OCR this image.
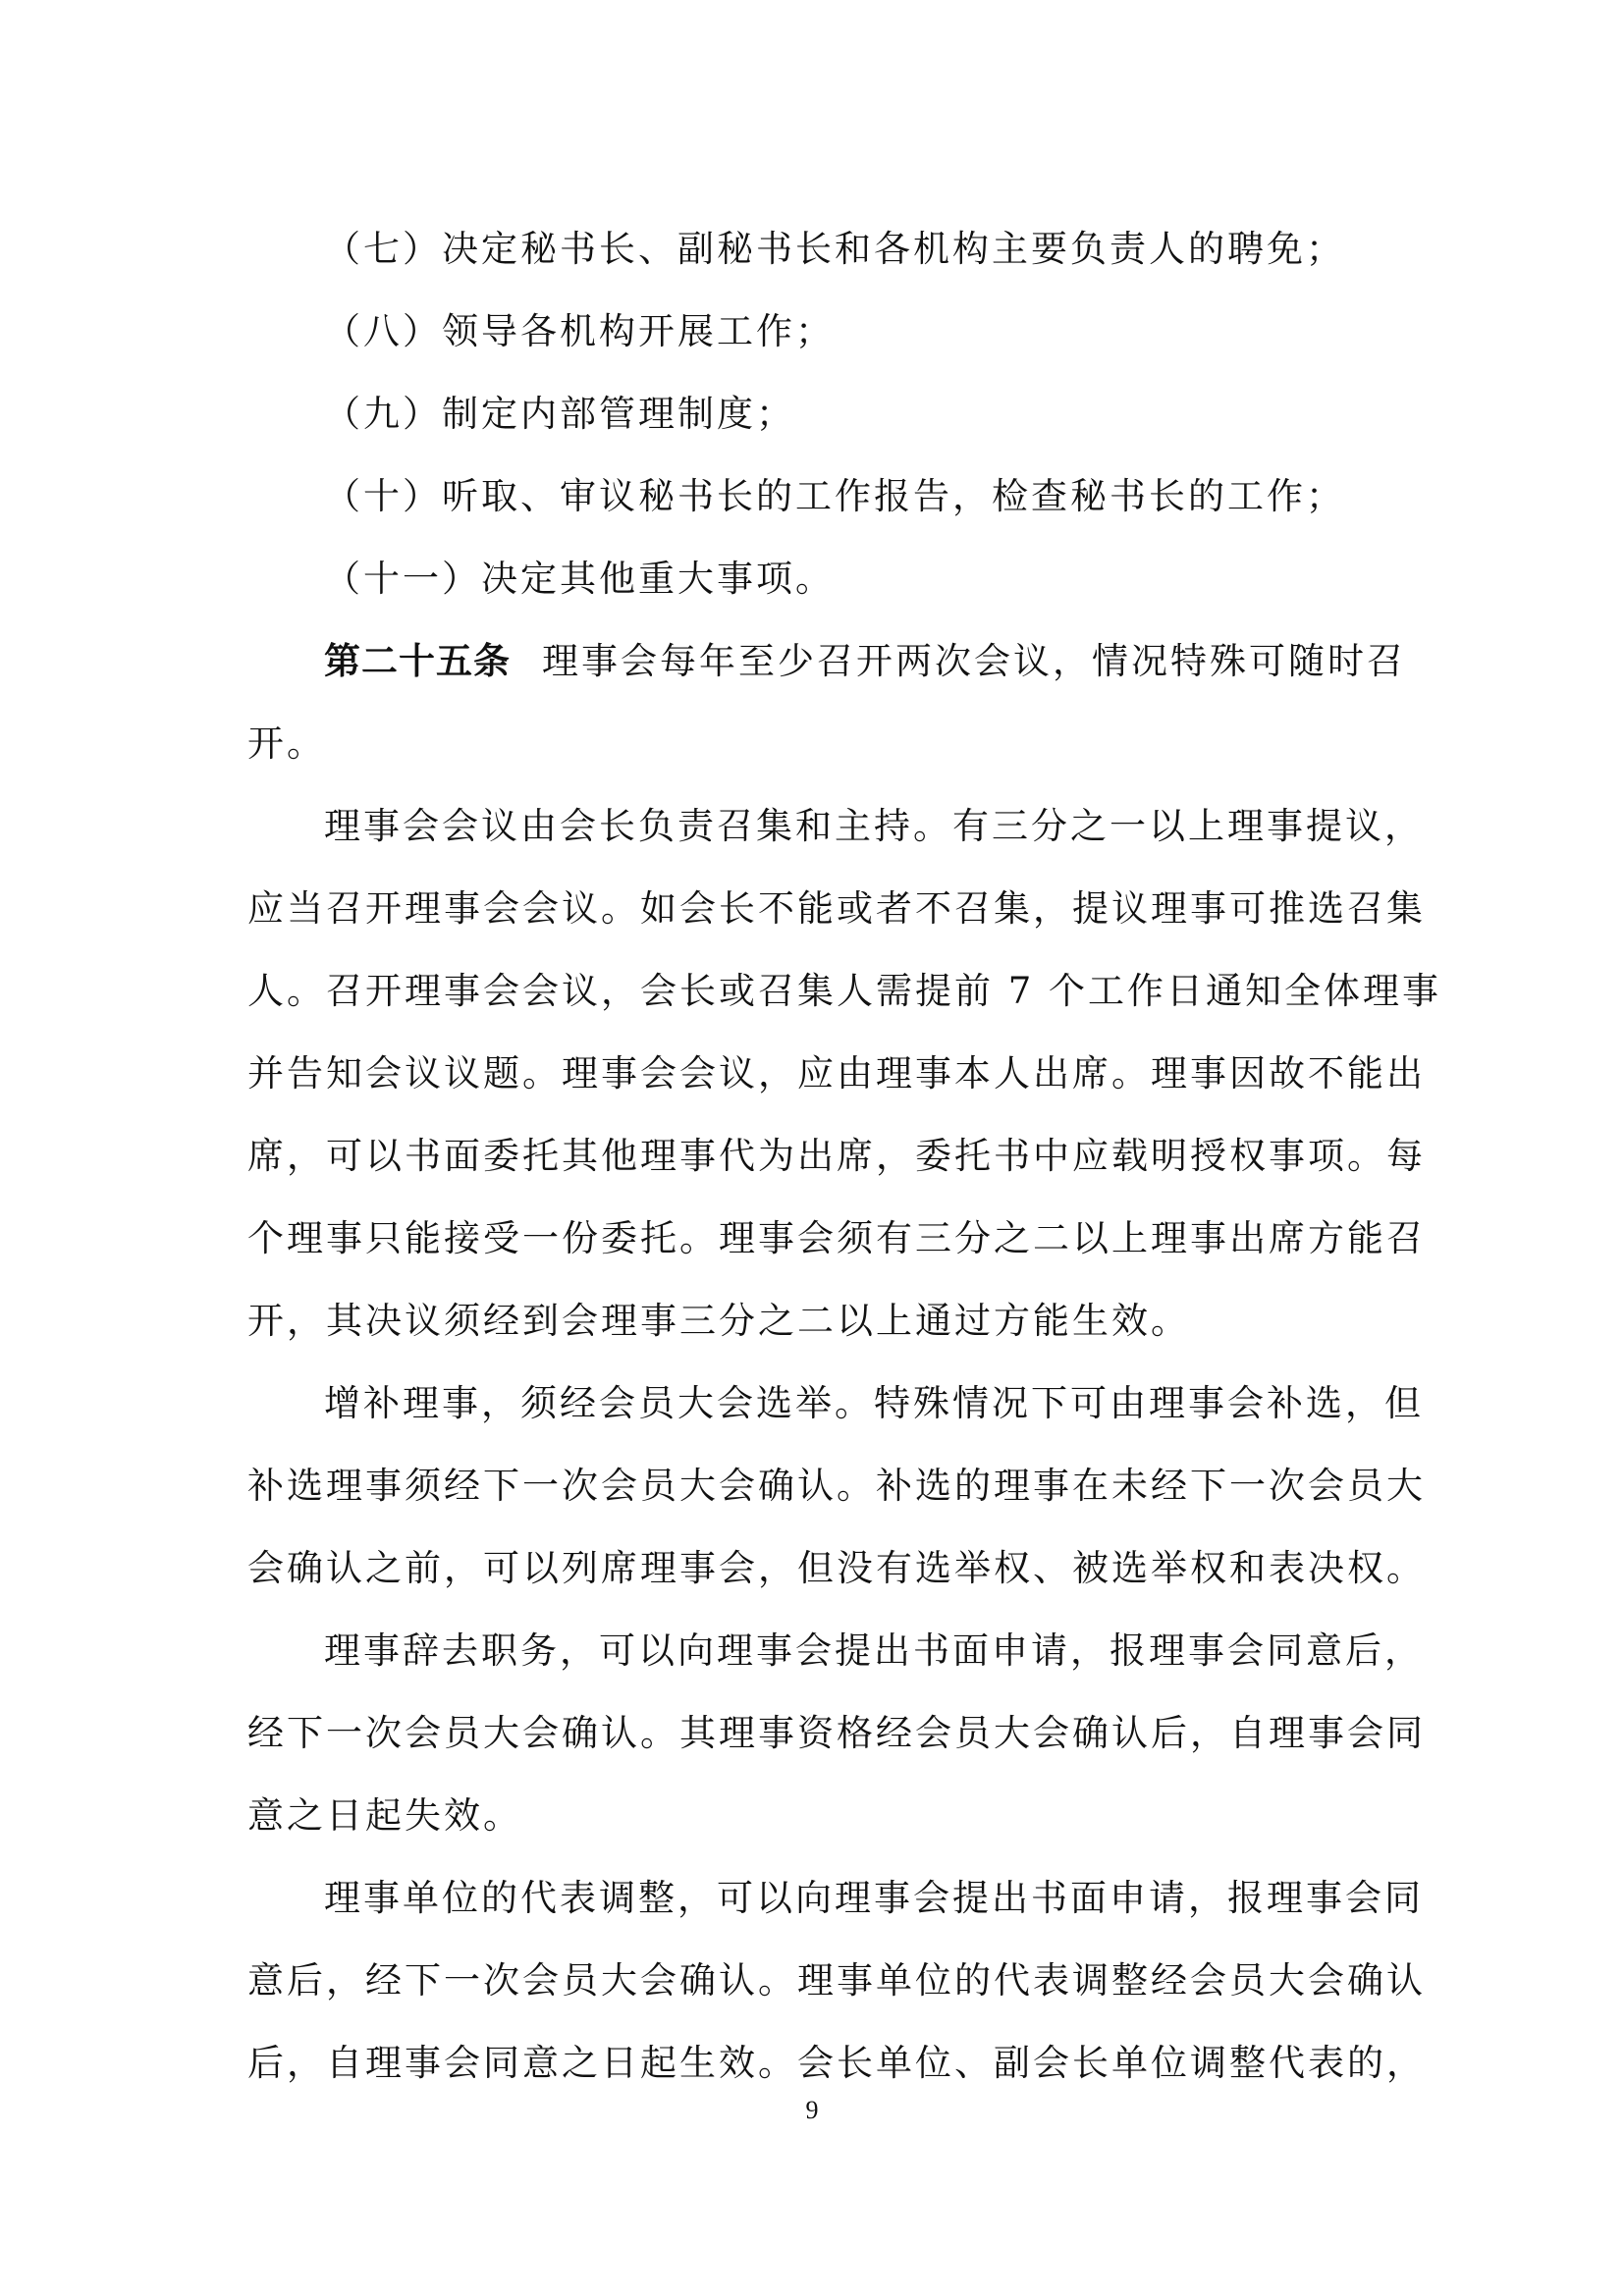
（七）决定秘书长、副秘书长和各机构主要负责人的聘免；
（八）领导各机构开展工作；
（九）制定内部管理制度；
（十）听取、审议秘书长的工作报告，检查秘书长的工作；
（十一）决定其他重大事项。
第二十五条 理事会每年至少召开两次会议，情况特殊可随时召
开。
理事会会议由会长负责召集和主持。有三分之一以上理事提议，
应当召开理事会会议。如会长不能或者不召集，提议理事可推选召集
人。召开理事会会议，会长或召集人需提前 7 个工作日通知全体理事
并告知会议议题。理事会会议，应由理事本人出席。理事因故不能出
席，可以书面委托其他理事代为出席，委托书中应载明授权事项。每
个理事只能接受一份委托。理事会须有三分之二以上理事出席方能召
开，其决议须经到会理事三分之二以上通过方能生效。
增补理事，须经会员大会选举。特殊情况下可由理事会补选，但
补选理事须经下一次会员大会确认。补选的理事在未经下一次会员大
会确认之前，可以列席理事会，但没有选举权、被选举权和表决权。
理事辞去职务，可以向理事会提出书面申请，报理事会同意后，
经下一次会员大会确认。其理事资格经会员大会确认后，自理事会同
意之日起失效。
理事单位的代表调整，可以向理事会提出书面申请，报理事会同
意后，经下一次会员大会确认。理事单位的代表调整经会员大会确认
后，自理事会同意之日起生效。会长单位、副会长单位调整代表的，
9
